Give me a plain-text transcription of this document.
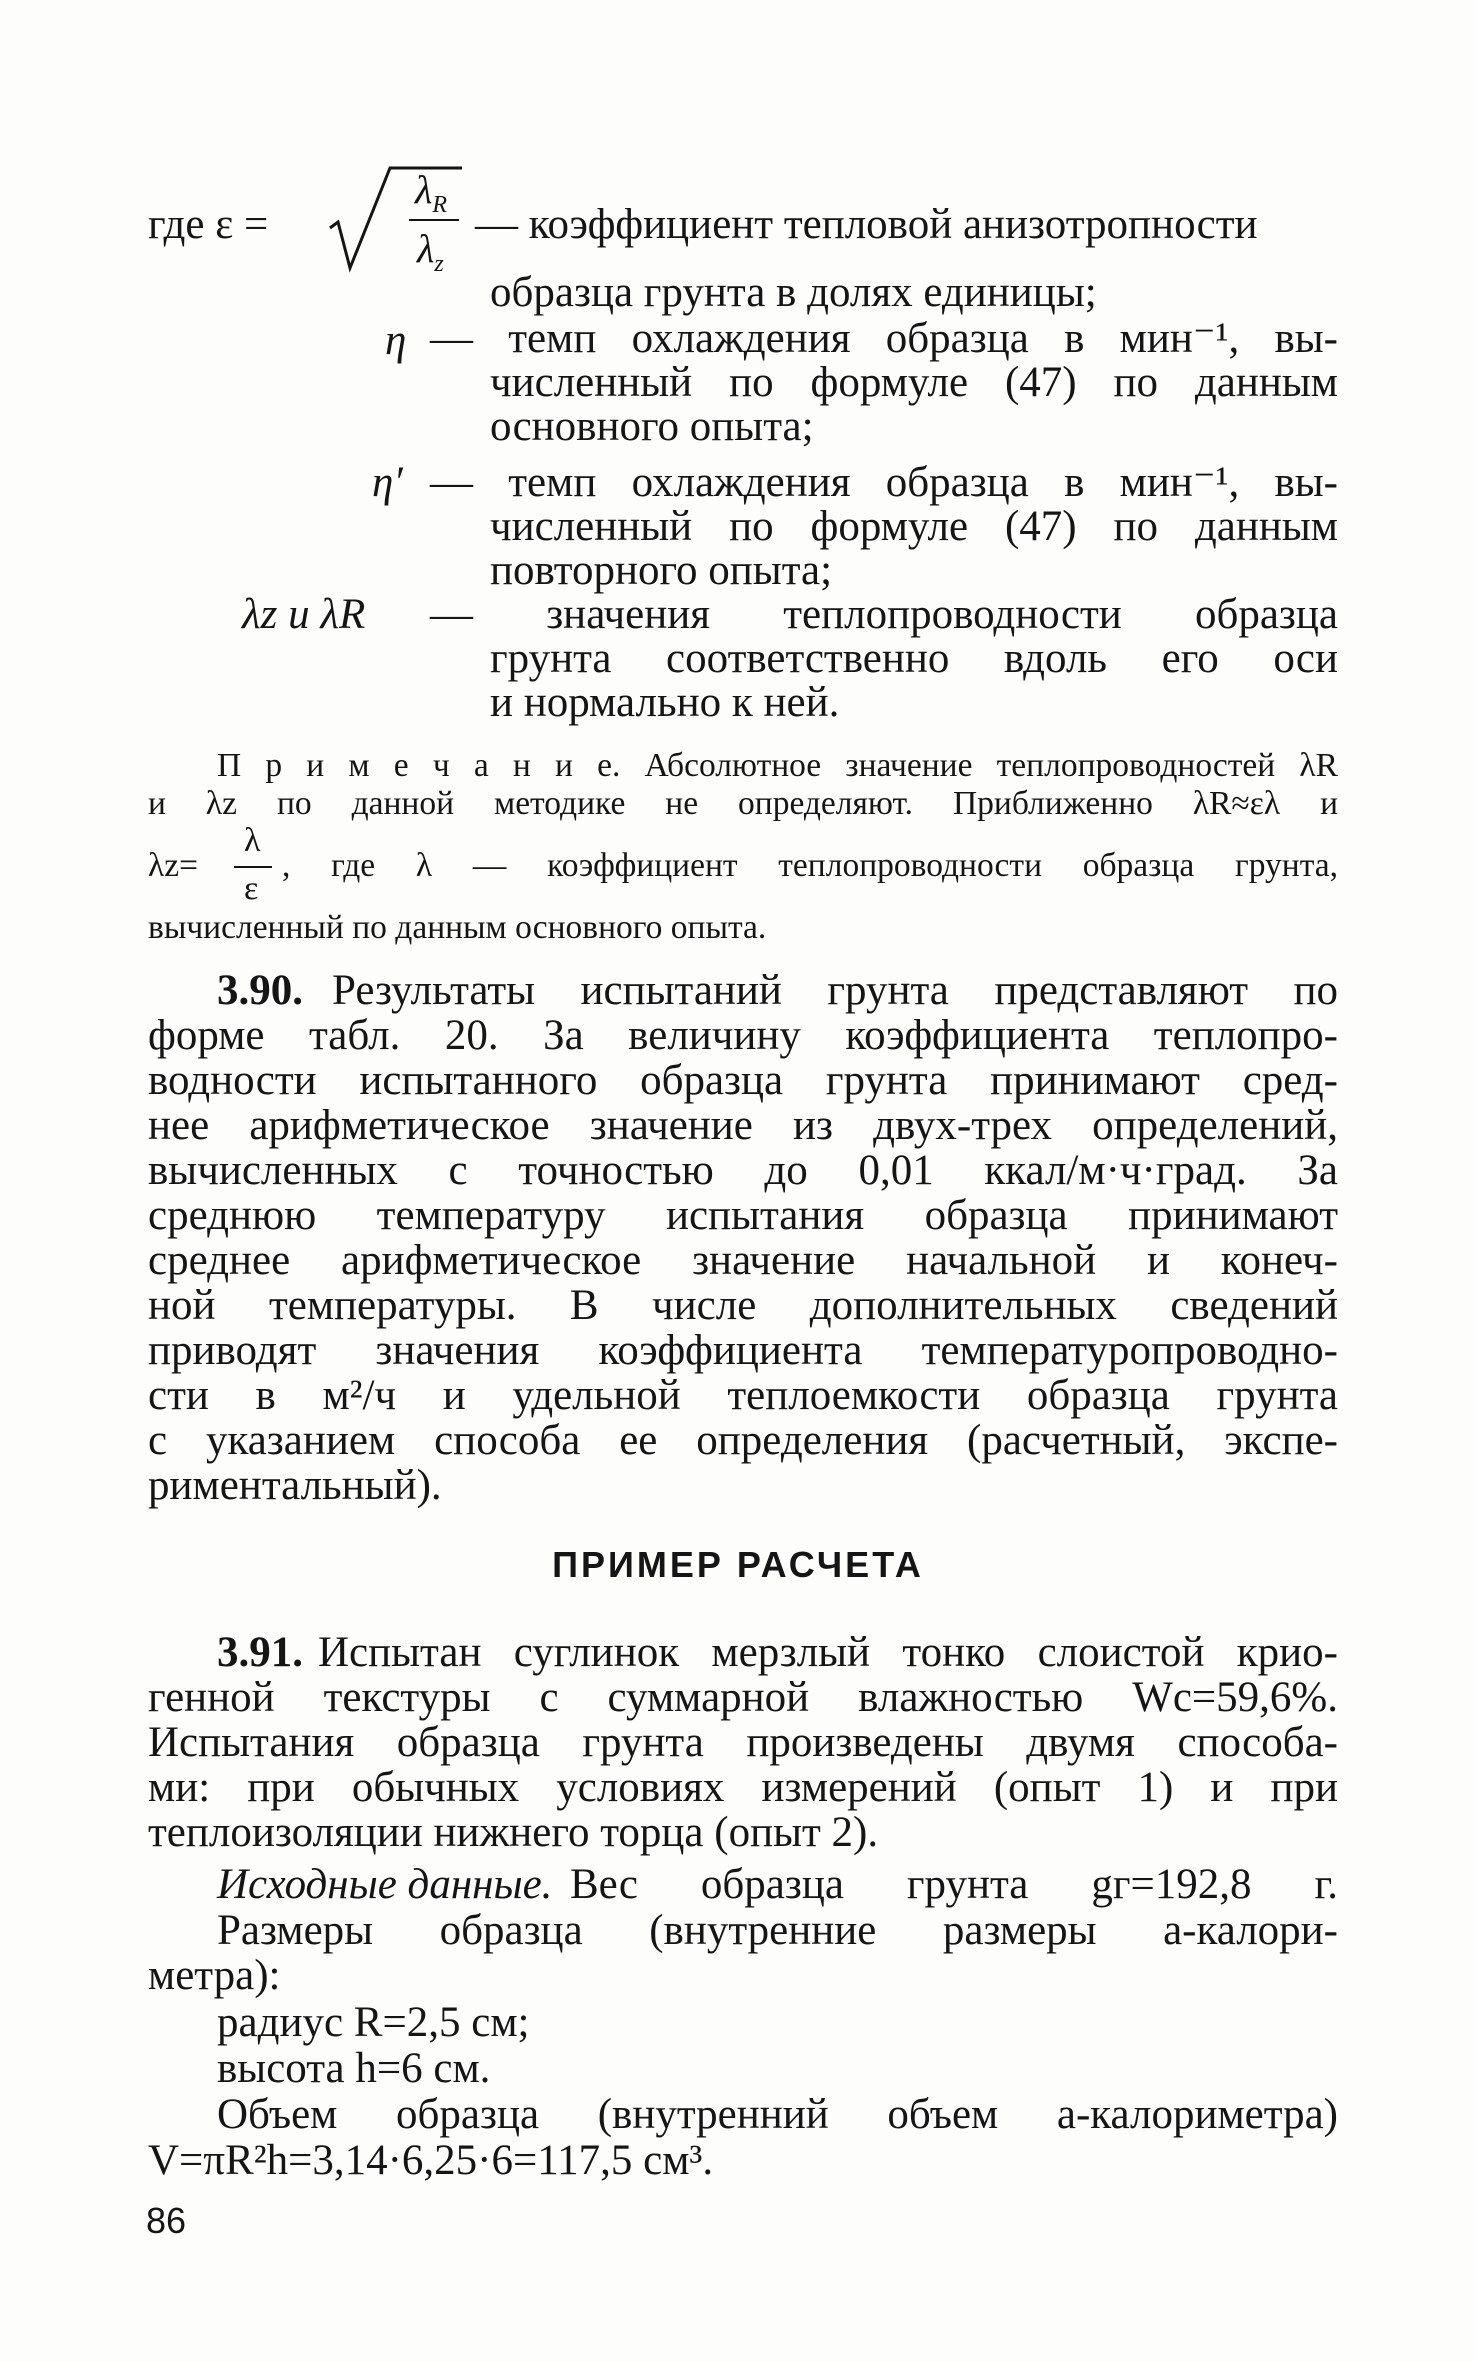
где ε =
$\lambda_R$
$\lambda_z$
— коэффициент тепловой анизотропности
образца грунта в долях единицы;
η — темп охлаждения образца в мин⁻¹, вы-
численный по формуле (47) по данным
основного опыта;
η′ — темп охлаждения образца в мин⁻¹, вы-
численный по формуле (47) по данным
повторного опыта;
λz и λR — значения теплопроводности образца
грунта соответственно вдоль его оси
и нормально к ней.
П р и м е ч а н и е. Абсолютное значение теплопроводностей λR
и λz по данной методике не определяют. Приближенно λR≈ελ и
λz=
λ
ε
, где λ — коэффициент теплопроводности образца грунта,
вычисленный по данным основного опыта.
3.90. Результаты испытаний грунта представляют по
форме табл. 20. За величину коэффициента теплопро-
водности испытанного образца грунта принимают сред-
нее арифметическое значение из двух-трех определений,
вычисленных с точностью до 0,01 ккал/м·ч·град. За
среднюю температуру испытания образца принимают
среднее арифметическое значение начальной и конеч-
ной температуры. В числе дополнительных сведений
приводят значения коэффициента температуропроводно-
сти в м²/ч и удельной теплоемкости образца грунта
с указанием способа ее определения (расчетный, экспе-
риментальный).
ПРИМЕР РАСЧЕТА
3.91. Испытан суглинок мерзлый тонко слоистой крио-
генной текстуры с суммарной влажностью Wc=59,6%.
Испытания образца грунта произведены двумя способа-
ми: при обычных условиях измерений (опыт 1) и при
теплоизоляции нижнего торца (опыт 2).
Исходные данные. Вес образца грунта gг=192,8 г.
Размеры образца (внутренние размеры а-калори-
метра):
радиус R=2,5 см;
высота h=6 см.
Объем образца (внутренний объем а-калориметра)
V=πR²h=3,14·6,25·6=117,5 см³.
86
